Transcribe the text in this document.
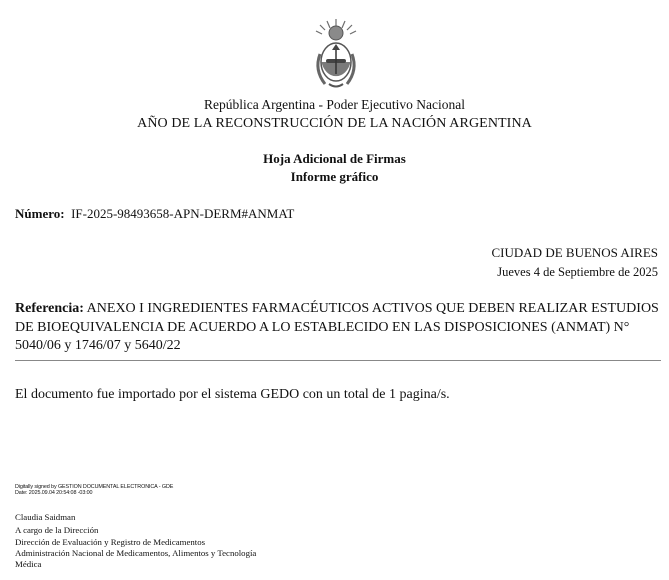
República Argentina - Poder Ejecutivo Nacional
AÑO DE LA RECONSTRUCCIÓN DE LA NACIÓN ARGENTINA
Hoja Adicional de Firmas
Informe gráfico
Número: IF-2025-98493658-APN-DERM#ANMAT
CIUDAD DE BUENOS AIRES
Jueves 4 de Septiembre de 2025
Referencia: ANEXO I INGREDIENTES FARMACÉUTICOS ACTIVOS QUE DEBEN REALIZAR ESTUDIOS DE BIOEQUIVALENCIA DE ACUERDO A LO ESTABLECIDO EN LAS DISPOSICIONES (ANMAT) N° 5040/06 y 1746/07 y 5640/22
El documento fue importado por el sistema GEDO con un total de 1 pagina/s.
Digitally signed by GESTION DOCUMENTAL ELECTRONICA - GDE
Date: 2025.09.04 20:54:08 -03:00
Claudia Saidman
A cargo de la Dirección
Dirección de Evaluación y Registro de Medicamentos
Administración Nacional de Medicamentos, Alimentos y Tecnología
Médica
